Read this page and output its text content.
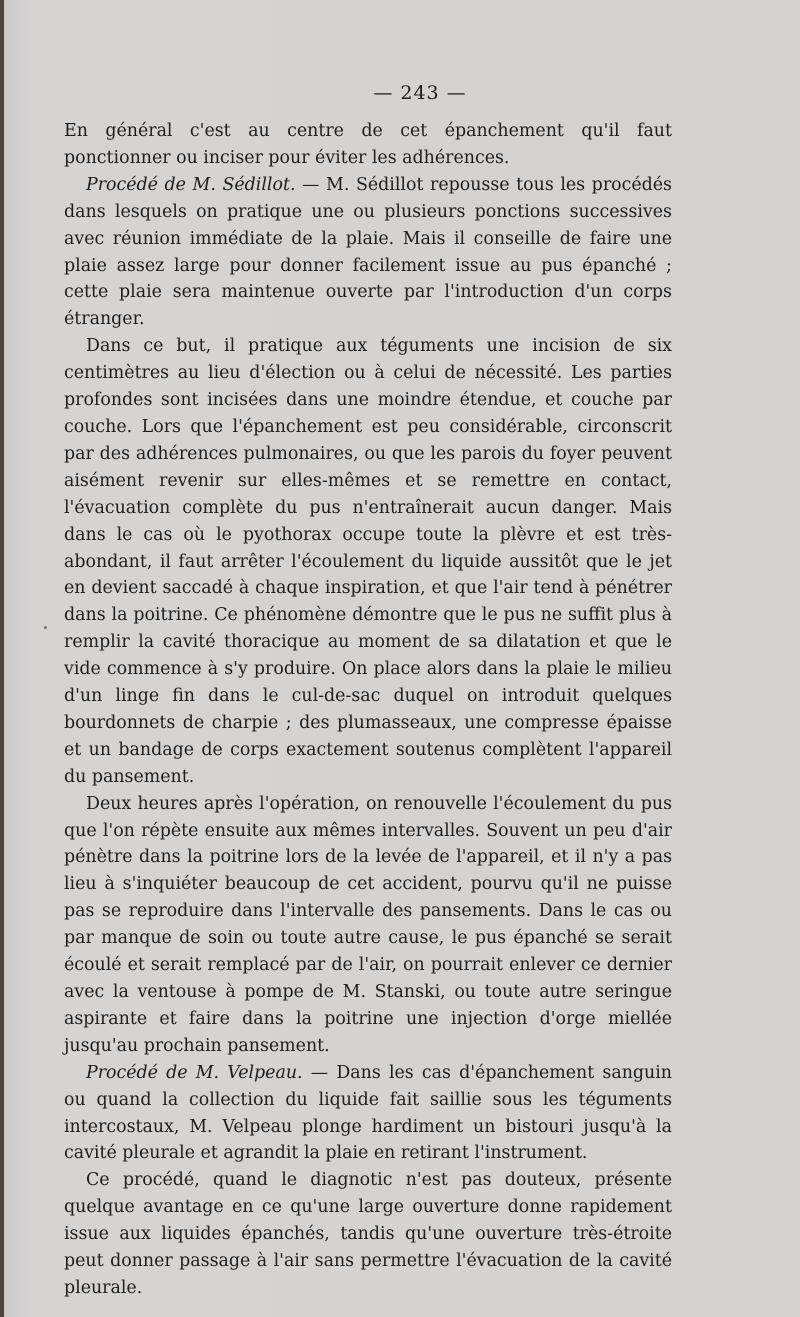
— 243 —

En général c'est au centre de cet épanchement qu'il faut ponctionner ou inciser pour éviter les adhérences.

Procédé de M. Sédillot. — M. Sédillot repousse tous les procédés dans lesquels on pratique une ou plusieurs ponctions successives avec réunion immédiate de la plaie. Mais il conseille de faire une plaie assez large pour donner facilement issue au pus épanché ; cette plaie sera maintenue ouverte par l'introduction d'un corps étranger.

Dans ce but, il pratique aux téguments une incision de six centimètres au lieu d'élection ou à celui de nécessité. Les parties profondes sont incisées dans une moindre étendue, et couche par couche. Lors que l'épanchement est peu considérable, circonscrit par des adhérences pulmonaires, ou que les parois du foyer peuvent aisément revenir sur elles-mêmes et se remettre en contact, l'évacuation complète du pus n'entraînerait aucun danger. Mais dans le cas où le pyothorax occupe toute la plèvre et est très-abondant, il faut arrêter l'écoulement du liquide aussitôt que le jet en devient saccadé à chaque inspiration, et que l'air tend à pénétrer dans la poitrine. Ce phénomène démontre que le pus ne suffit plus à remplir la cavité thoracique au moment de sa dilatation et que le vide commence à s'y produire. On place alors dans la plaie le milieu d'un linge fin dans le cul-de-sac duquel on introduit quelques bourdonnets de charpie ; des plumasseaux, une compresse épaisse et un bandage de corps exactement soutenus complètent l'appareil du pansement.

Deux heures après l'opération, on renouvelle l'écoulement du pus que l'on répète ensuite aux mêmes intervalles. Souvent un peu d'air pénètre dans la poitrine lors de la levée de l'appareil, et il n'y a pas lieu à s'inquiéter beaucoup de cet accident, pourvu qu'il ne puisse pas se reproduire dans l'intervalle des pansements. Dans le cas ou par manque de soin ou toute autre cause, le pus épanché se serait écoulé et serait remplacé par de l'air, on pourrait enlever ce dernier avec la ventouse à pompe de M. Stanski, ou toute autre seringue aspirante et faire dans la poitrine une injection d'orge miellée jusqu'au prochain pansement.

Procédé de M. Velpeau. — Dans les cas d'épanchement sanguin ou quand la collection du liquide fait saillie sous les téguments intercostaux, M. Velpeau plonge hardiment un bistouri jusqu'à la cavité pleurale et agrandit la plaie en retirant l'instrument.

Ce procédé, quand le diagnotic n'est pas douteux, présente quelque avantage en ce qu'une large ouverture donne rapidement issue aux liquides épanchés, tandis qu'une ouverture très-étroite peut donner passage à l'air sans permettre l'évacuation de la cavité pleurale.
